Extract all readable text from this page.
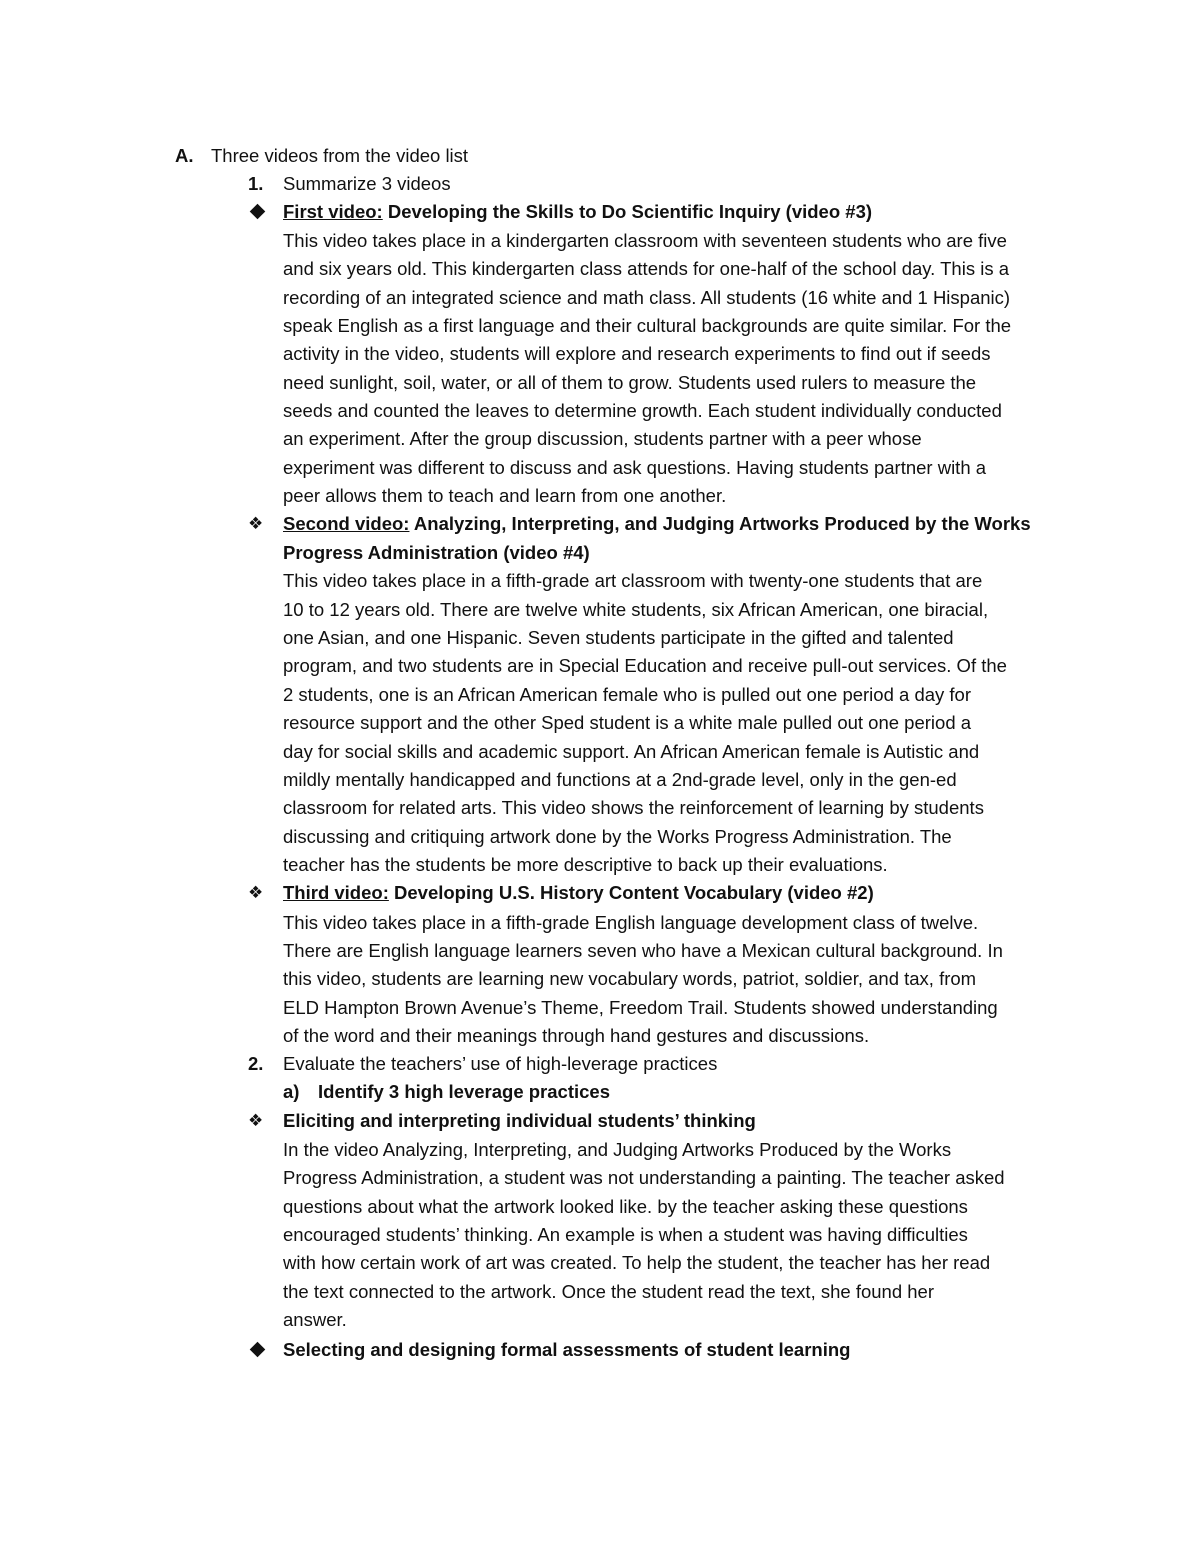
A. Three videos from the video list
1. Summarize 3 videos
First video: Developing the Skills to Do Scientific Inquiry (video #3)
This video takes place in a kindergarten classroom with seventeen students who are five
and six years old. This kindergarten class attends for one-half of the school day. This is a
recording of an integrated science and math class. All students (16 white and 1 Hispanic)
speak English as a first language and their cultural backgrounds are quite similar. For the
activity in the video, students will explore and research experiments to find out if seeds
need sunlight, soil, water, or all of them to grow. Students used rulers to measure the
seeds and counted the leaves to determine growth. Each student individually conducted
an experiment. After the group discussion, students partner with a peer whose
experiment was different to discuss and ask questions. Having students partner with a
peer allows them to teach and learn from one another.
❖ Second video: Analyzing, Interpreting, and Judging Artworks Produced by the Works
Progress Administration (video #4)
This video takes place in a fifth-grade art classroom with twenty-one students that are
10 to 12 years old. There are twelve white students, six African American, one biracial,
one Asian, and one Hispanic. Seven students participate in the gifted and talented
program, and two students are in Special Education and receive pull-out services. Of the
2 students, one is an African American female who is pulled out one period a day for
resource support and the other Sped student is a white male pulled out one period a
day for social skills and academic support. An African American female is Autistic and
mildly mentally handicapped and functions at a 2nd-grade level, only in the gen-ed
classroom for related arts. This video shows the reinforcement of learning by students
discussing and critiquing artwork done by the Works Progress Administration. The
teacher has the students be more descriptive to back up their evaluations.
❖ Third video: Developing U.S. History Content Vocabulary (video #2)
This video takes place in a fifth-grade English language development class of twelve.
There are English language learners seven who have a Mexican cultural background. In
this video, students are learning new vocabulary words, patriot, soldier, and tax, from
ELD Hampton Brown Avenue’s Theme, Freedom Trail. Students showed understanding
of the word and their meanings through hand gestures and discussions.
2. Evaluate the teachers’ use of high-leverage practices
a) Identify 3 high leverage practices
❖ Eliciting and interpreting individual students’ thinking
In the video Analyzing, Interpreting, and Judging Artworks Produced by the Works
Progress Administration, a student was not understanding a painting. The teacher asked
questions about what the artwork looked like. by the teacher asking these questions
encouraged students’ thinking. An example is when a student was having difficulties
with how certain work of art was created. To help the student, the teacher has her read
the text connected to the artwork. Once the student read the text, she found her
answer.
Selecting and designing formal assessments of student learning
